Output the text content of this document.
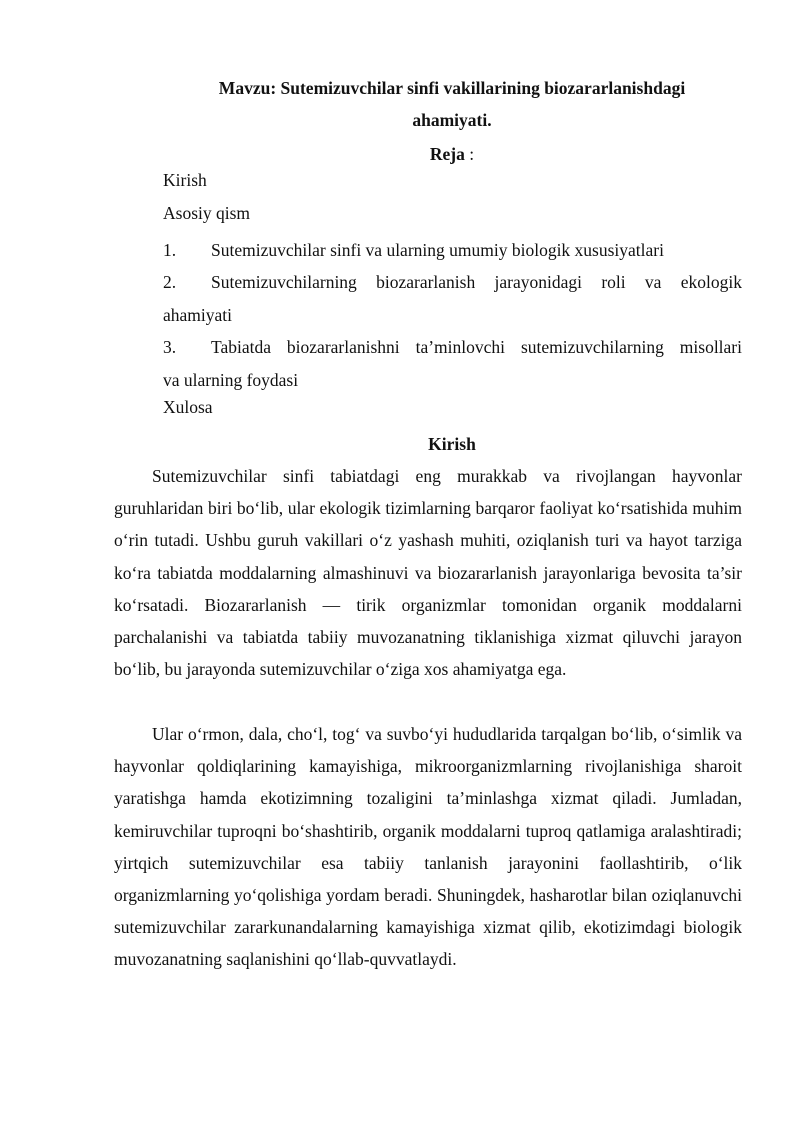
Mavzu: Sutemizuvchilar sinfi vakillarining biozararlanishdagi
ahamiyati.
Reja :
Kirish
Asosiy qism
1. Sutemizuvchilar sinfi va ularning umumiy biologik xususiyatlari
2. Sutemizuvchilarning biozararlanish jarayonidagi roli va ekologik
ahamiyati
3. Tabiatda biozararlanishni ta’minlovchi sutemizuvchilarning misollari
va ularning foydasi
Xulosa
Kirish
Sutemizuvchilar sinfi tabiatdagi eng murakkab va rivojlangan hayvonlar guruhlaridan biri bo‘lib, ular ekologik tizimlarning barqaror faoliyat ko‘rsatishida muhim o‘rin tutadi. Ushbu guruh vakillari o‘z yashash muhiti, oziqlanish turi va hayot tarziga ko‘ra tabiatda moddalarning almashinuvi va biozararlanish jarayonlariga bevosita ta’sir ko‘rsatadi. Biozararlanish — tirik organizmlar tomonidan organik moddalarni parchalanishi va tabiatda tabiiy muvozanatning tiklanishiga xizmat qiluvchi jarayon bo‘lib, bu jarayonda sutemizuvchilar o‘ziga xos ahamiyatga ega.
Ular o‘rmon, dala, cho‘l, tog‘ va suvbo‘yi hududlarida tarqalgan bo‘lib, o‘simlik va hayvonlar qoldiqlarining kamayishiga, mikroorganizmlarning rivojlanishiga sharoit yaratishga hamda ekotizimning tozaligini ta’minlashga xizmat qiladi. Jumladan, kemiruvchilar tuproqni bo‘shashtirib, organik moddalarni tuproq qatlamiga aralashtiradi; yirtqich sutemizuvchilar esa tabiiy tanlanish jarayonini faollashtirib, o‘lik organizmlarning yo‘qolishiga yordam beradi. Shuningdek, hasharotlar bilan oziqlanuvchi sutemizuvchilar zararkunandalarning kamayishiga xizmat qilib, ekotizimdagi biologik muvozanatning saqlanishini qo‘llab-quvvatlaydi.
